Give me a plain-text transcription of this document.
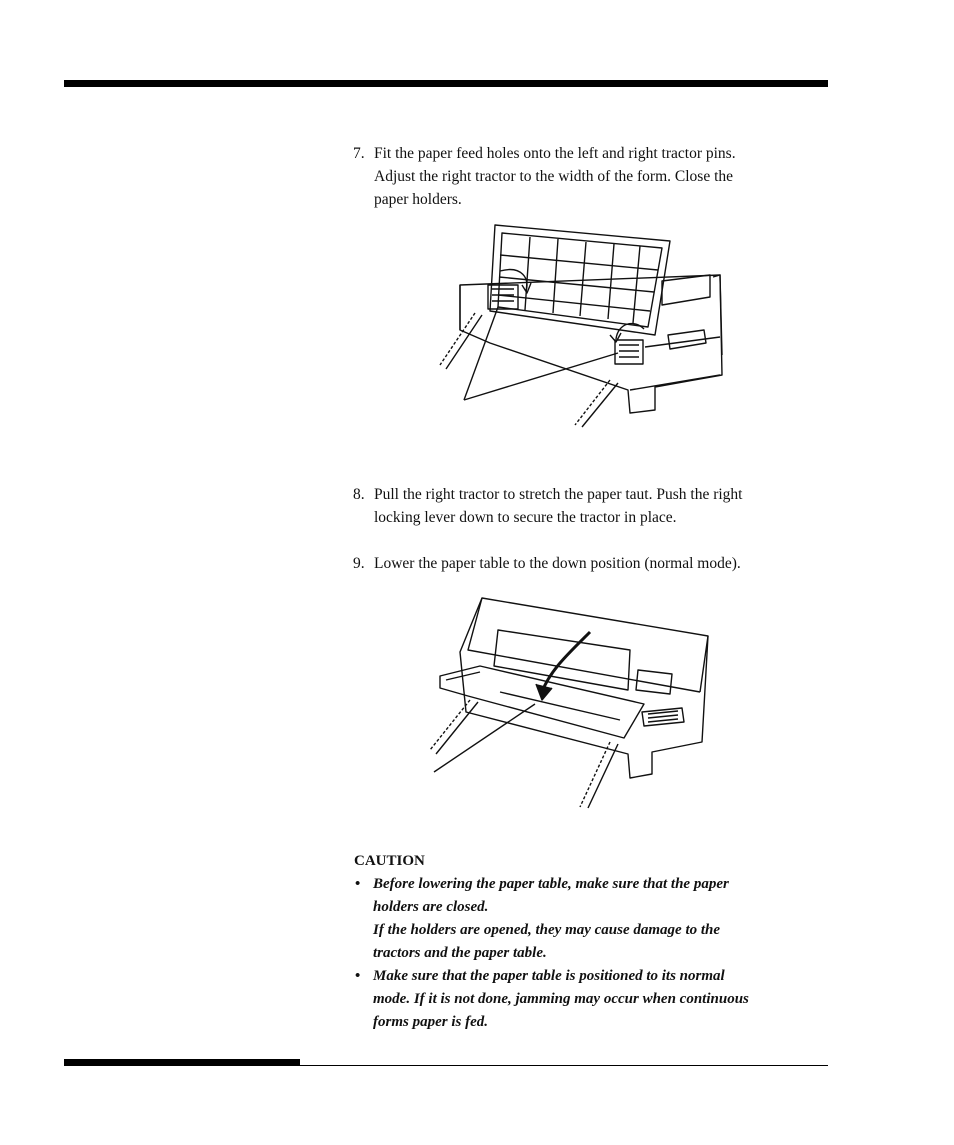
7. Fit the paper feed holes onto the left and right tractor pins.
Adjust the right tractor to the width of the form. Close the
paper holders.
8. Pull the right tractor to stretch the paper taut. Push the right
locking lever down to secure the tractor in place.
9. Lower the paper table to the down position (normal mode).
CAUTION
• Before lowering the paper table, make sure that the paper
holders are closed.
If the holders are opened, they may cause damage to the
tractors and the paper table.
• Make sure that the paper table is positioned to its normal
mode. If it is not done, jamming may occur when continuous
forms paper is fed.
